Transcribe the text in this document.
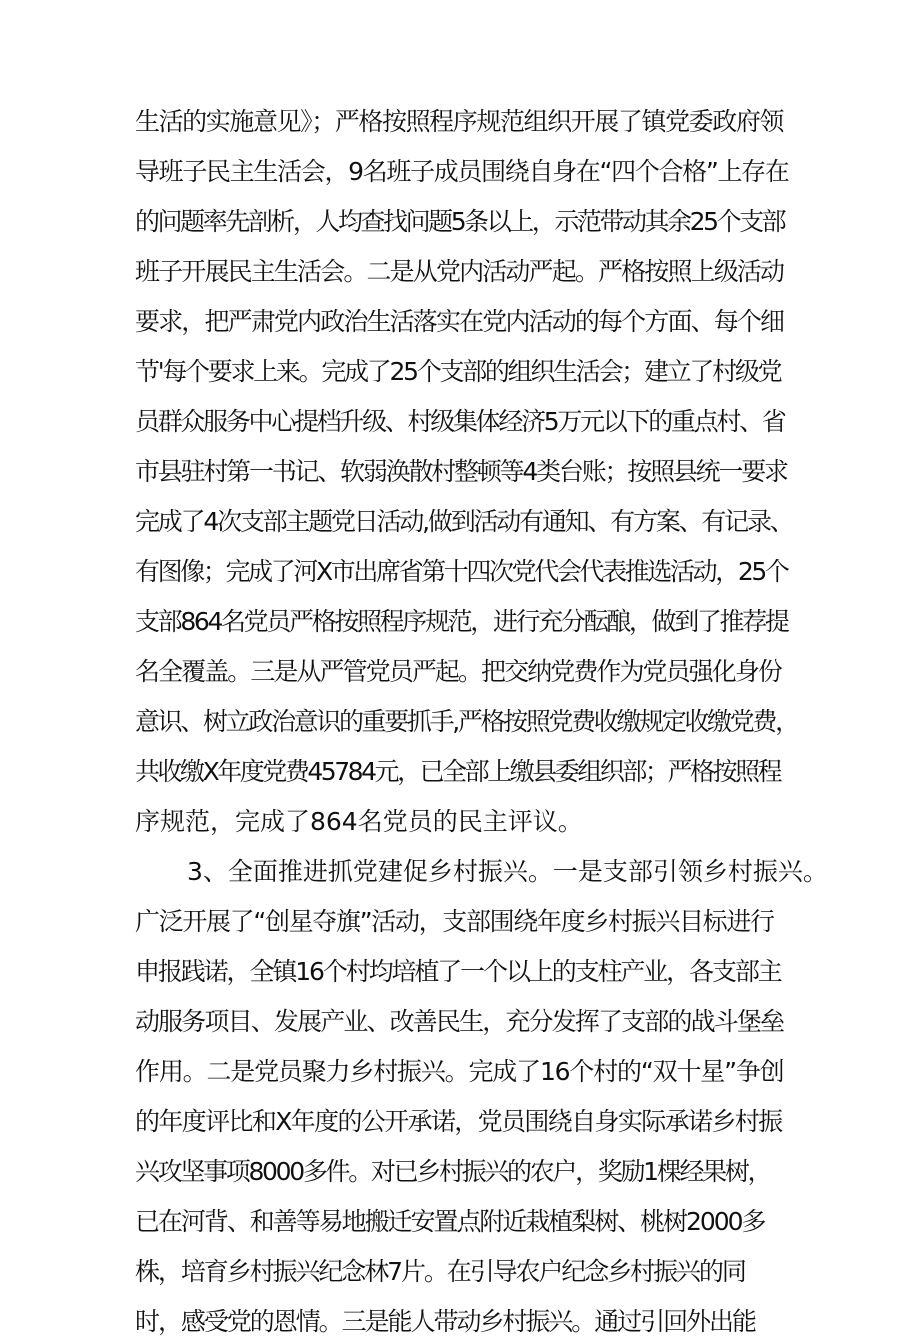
生活的实施意见》；严格按照程序规范组织开展了镇党委政府领

导班子民主生活会，9名班子成员围绕自身在“四个合格”上存在

的问题率先剖析，人均查找问题5条以上，示范带动其余25个支部

班子开展民主生活会。二是从党内活动严起。严格按照上级活动

要求，把严肃党内政治生活落实在党内活动的每个方面、每个细

节'每个要求上来。完成了25个支部的组织生活会；建立了村级党

员群众服务中心提档升级、村级集体经济5万元以下的重点村、省

市县驻村第一书记、软弱涣散村整顿等4类台账；按照县统一要求

完成了4次支部主题党日活动,做到活动有通知、有方案、有记录、

有图像；完成了河X市出席省第十四次党代会代表推选活动，25个

支部864名党员严格按照程序规范，进行充分酝酿，做到了推荐提

名全覆盖。三是从严管党员严起。把交纳党费作为党员强化身份

意识、树立政治意识的重要抓手,严格按照党费收缴规定收缴党费，

共收缴X年度党费45784元，已全部上缴县委组织部；严格按照程

序规范，完成了864名党员的民主评议。

3、全面推进抓党建促乡村振兴。一是支部引领乡村振兴。

广泛开展了“创星夺旗”活动，支部围绕年度乡村振兴目标进行

申报践诺，全镇16个村均培植了一个以上的支柱产业，各支部主

动服务项目、发展产业、改善民生，充分发挥了支部的战斗堡垒

作用。二是党员聚力乡村振兴。完成了16个村的“双十星”争创

的年度评比和X年度的公开承诺，党员围绕自身实际承诺乡村振

兴攻坚事项8000多件。对已乡村振兴的农户，奖励1棵经果树，

已在河背、和善等易地搬迁安置点附近栽植梨树、桃树2000多

株，培育乡村振兴纪念林7片。在引导农户纪念乡村振兴的同

时，感受党的恩情。三是能人带动乡村振兴。通过引回外出能
